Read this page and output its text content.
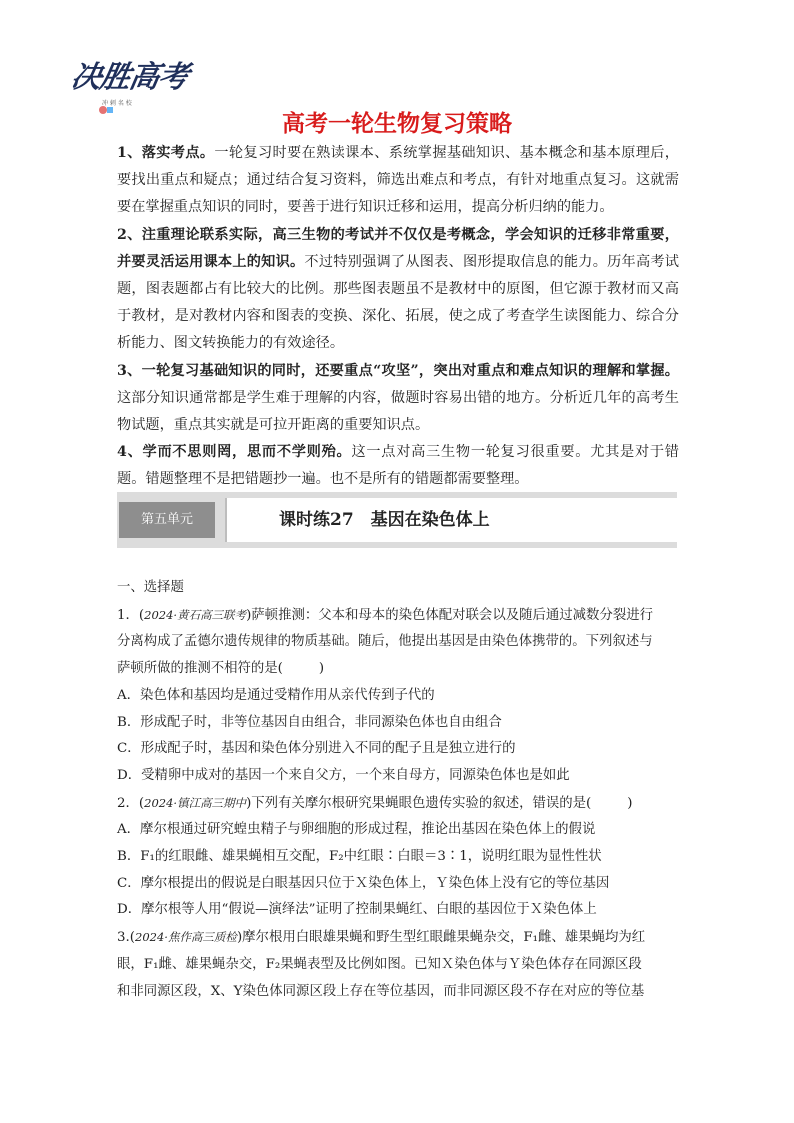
决胜高考
冲 刺 名 校
高考一轮生物复习策略

1、落实考点。一轮复习时要在熟读课本、系统掌握基础知识、基本概念和基本原理后，要找出重点和疑点；通过结合复习资料，筛选出难点和考点，有针对地重点复习。这就需要在掌握重点知识的同时，要善于进行知识迁移和运用，提高分析归纳的能力。

2、注重理论联系实际，高三生物的考试并不仅仅是考概念，学会知识的迁移非常重要，并要灵活运用课本上的知识。不过特别强调了从图表、图形提取信息的能力。历年高考试题，图表题都占有比较大的比例。那些图表题虽不是教材中的原图，但它源于教材而又高于教材，是对教材内容和图表的变换、深化、拓展，使之成了考查学生读图能力、综合分析能力、图文转换能力的有效途径。

3、一轮复习基础知识的同时，还要重点“攻坚”，突出对重点和难点知识的理解和掌握。这部分知识通常都是学生难于理解的内容，做题时容易出错的地方。分析近几年的高考生物试题，重点其实就是可拉开距离的重要知识点。

4、学而不思则罔，思而不学则殆。这一点对高三生物一轮复习很重要。尤其是对于错题。错题整理不是把错题抄一遍。也不是所有的错题都需要整理。

第五单元	课时练27　基因在染色体上
一、选择题
1．(2024·黄石高三联考)萨顿推测：父本和母本的染色体配对联会以及随后通过减数分裂进行
分离构成了孟德尔遗传规律的物质基础。随后，他提出基因是由染色体携带的。下列叙述与
萨顿所做的推测不相符的是(	)
A．染色体和基因均是通过受精作用从亲代传到子代的
B．形成配子时，非等位基因自由组合，非同源染色体也自由组合
C．形成配子时，基因和染色体分别进入不同的配子且是独立进行的
D．受精卵中成对的基因一个来自父方，一个来自母方，同源染色体也是如此
2．(2024·镇江高三期中)下列有关摩尔根研究果蝇眼色遗传实验的叙述，错误的是(	)
A．摩尔根通过研究蝗虫精子与卵细胞的形成过程，推论出基因在染色体上的假说
B．F₁的红眼雌、雄果蝇相互交配，F₂中红眼∶白眼＝3∶1，说明红眼为显性性状
C．摩尔根提出的假说是白眼基因只位于Ｘ染色体上，Ｙ染色体上没有它的等位基因
D．摩尔根等人用“假说—演绎法”证明了控制果蝇红、白眼的基因位于Ｘ染色体上
3.(2024·焦作高三质检)摩尔根用白眼雄果蝇和野生型红眼雌果蝇杂交，F₁雌、雄果蝇均为红
眼，F₁雌、雄果蝇杂交，F₂果蝇表型及比例如图。已知Ｘ染色体与Ｙ染色体存在同源区段
和非同源区段，X、Y染色体同源区段上存在等位基因，而非同源区段不存在对应的等位基
